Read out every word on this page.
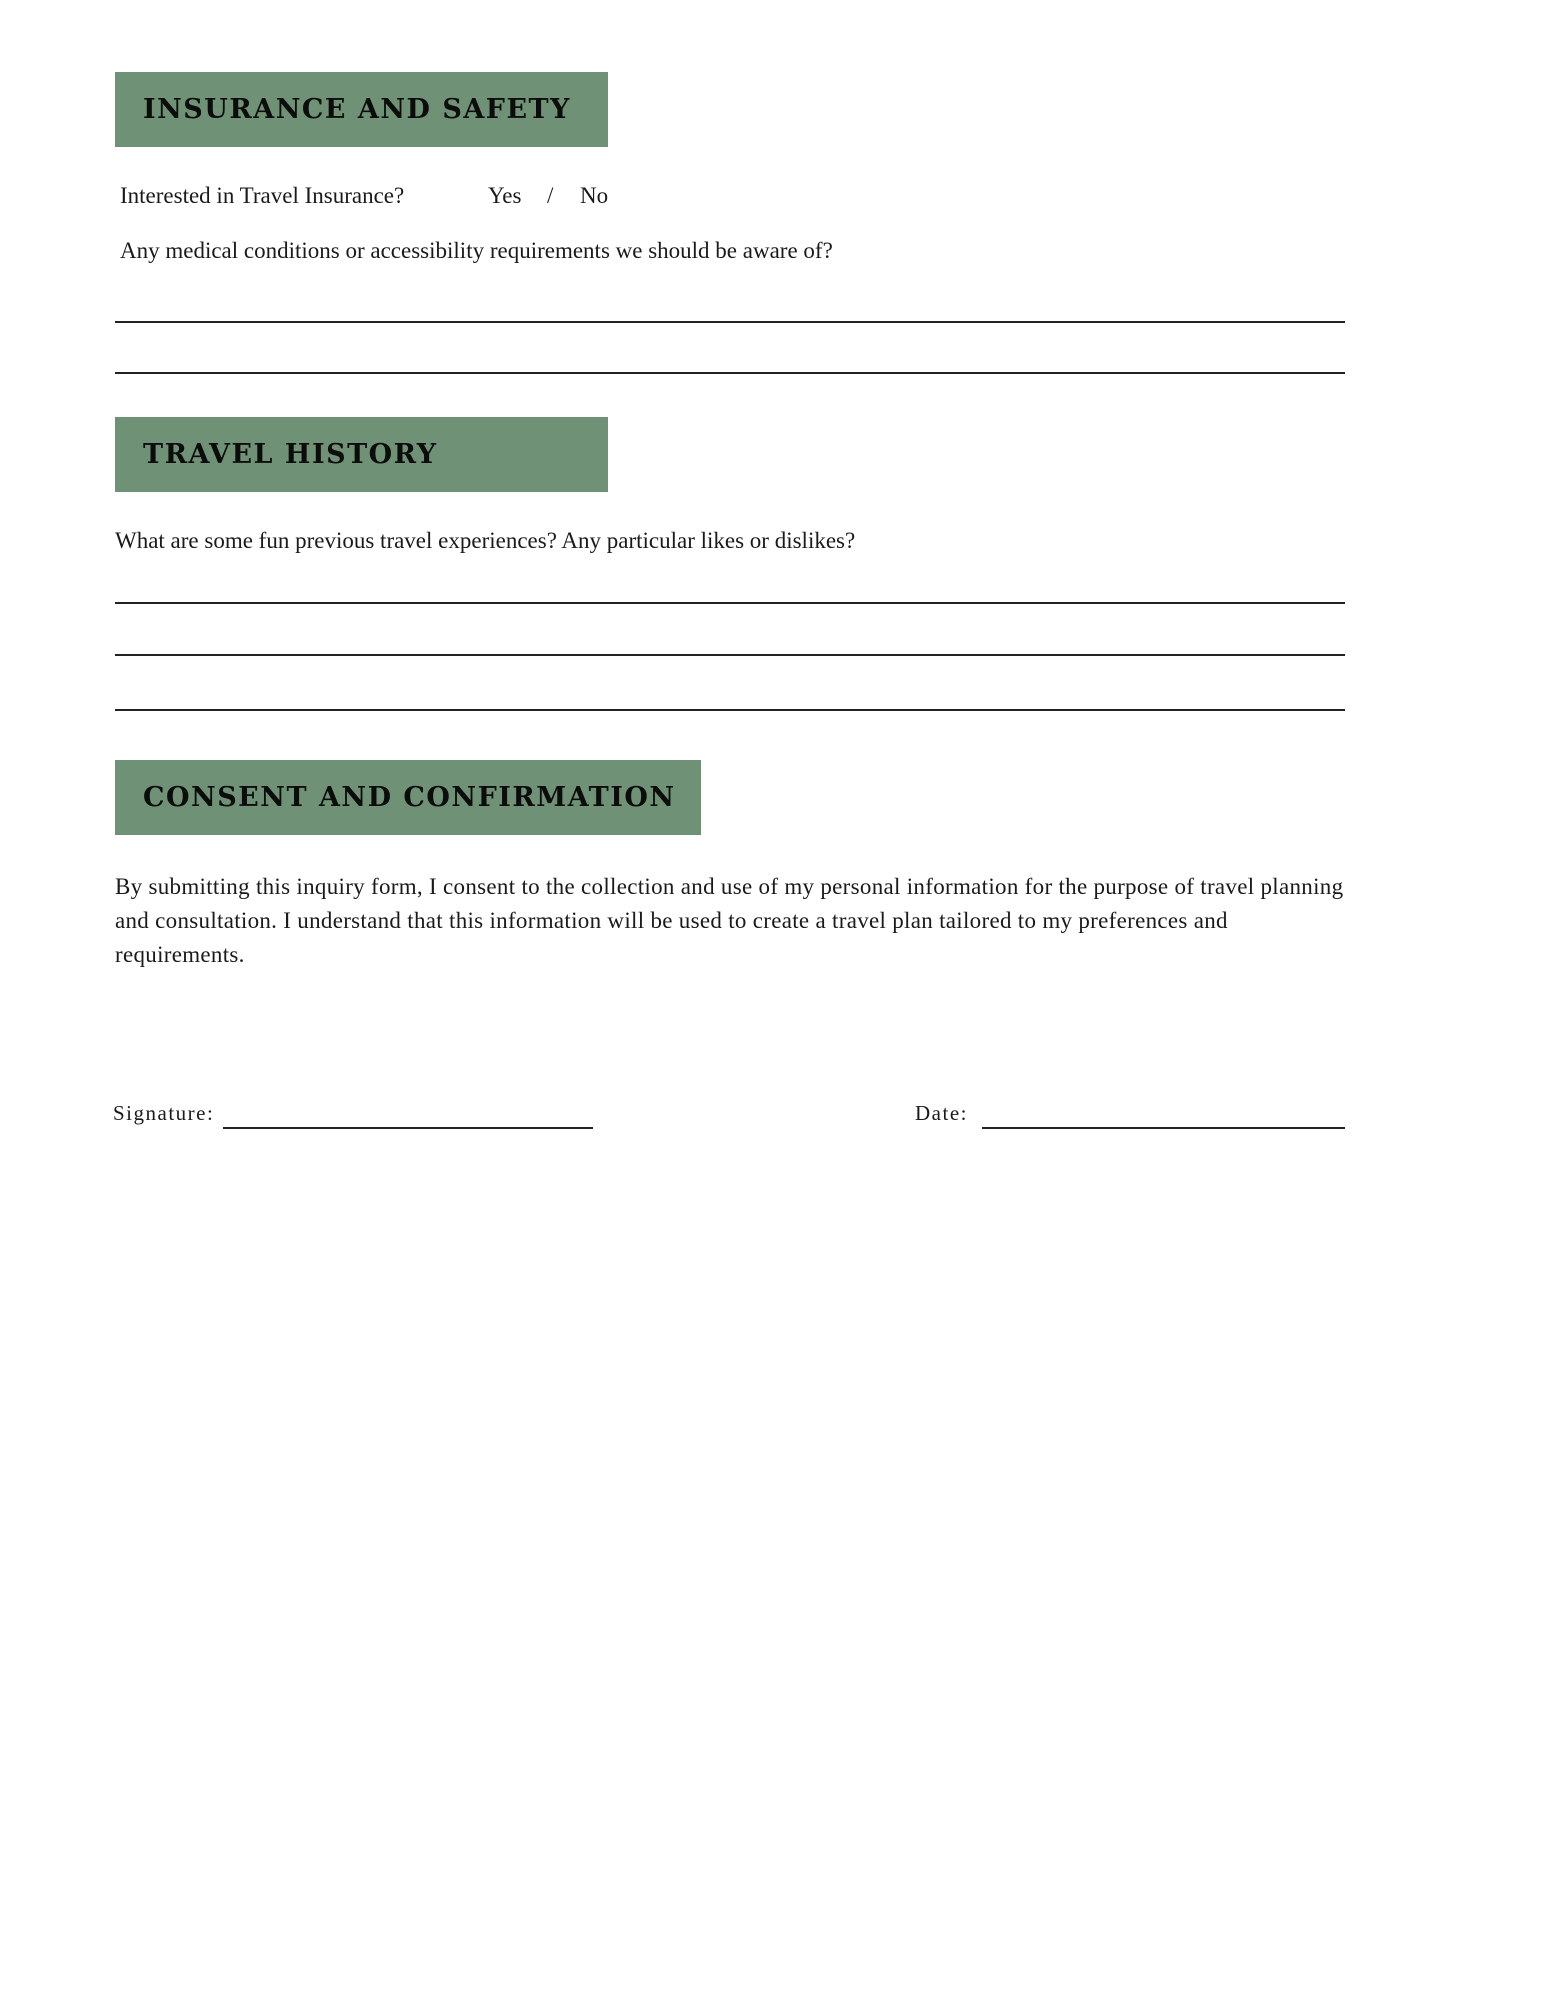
INSURANCE AND SAFETY
Interested in Travel Insurance?	Yes / No
Any medical conditions or accessibility requirements we should be aware of?
TRAVEL HISTORY
What are some fun previous travel experiences? Any particular likes or dislikes?
CONSENT AND CONFIRMATION
By submitting this inquiry form, I consent to the collection and use of my personal information for the purpose of travel planning and consultation. I understand that this information will be used to create a travel plan tailored to my preferences and requirements.
Signature:	Date:
